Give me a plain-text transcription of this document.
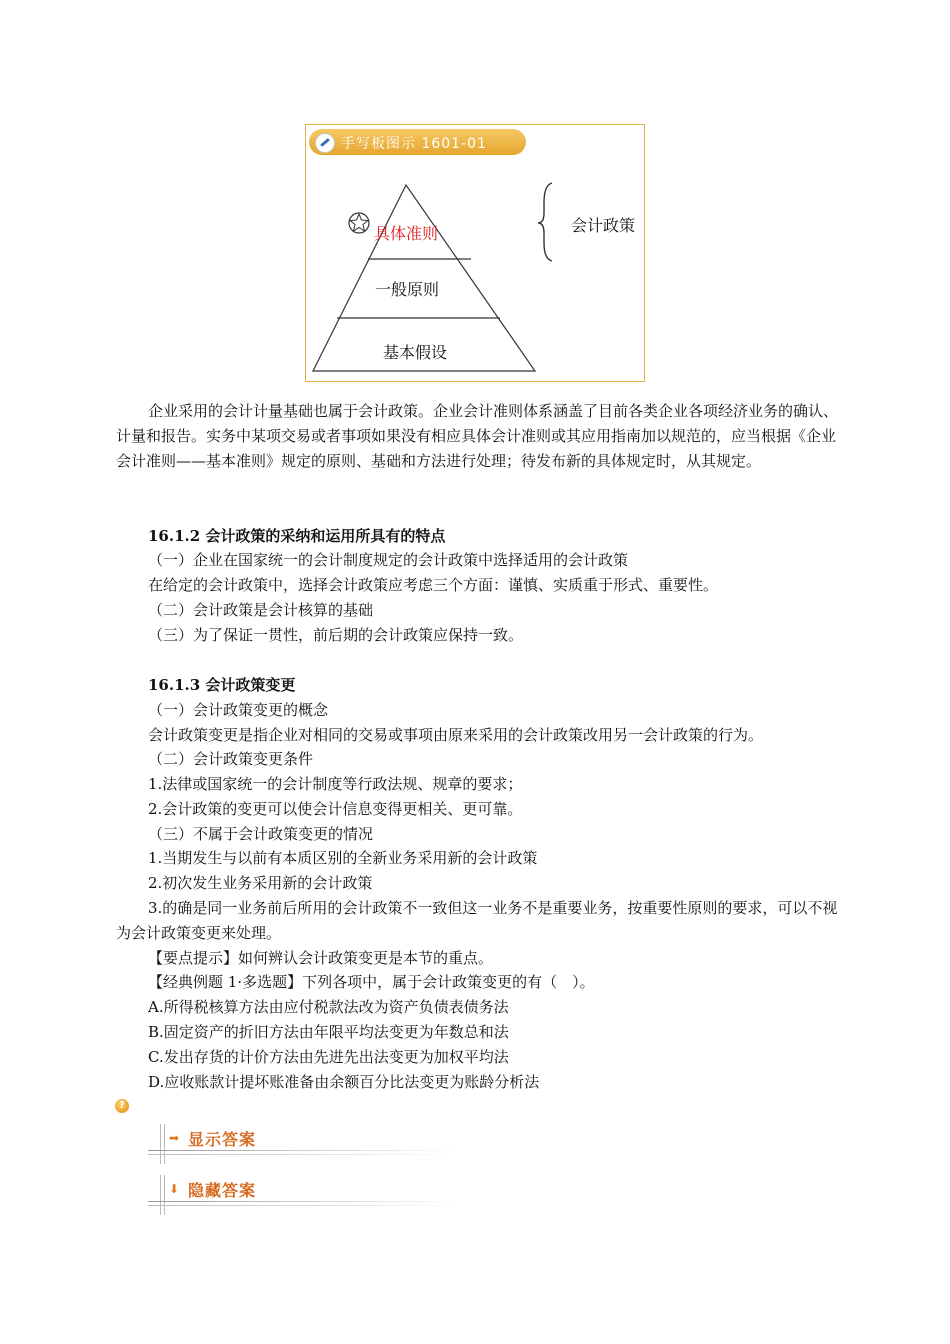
手写板图示 1601-01
具体准则
一般原则
基本假设
会计政策
企业采用的会计计量基础也属于会计政策。企业会计准则体系涵盖了目前各类企业各项经济业务的确认、计量和报告。实务中某项交易或者事项如果没有相应具体会计准则或其应用指南加以规范的，应当根据《企业会计准则——基本准则》规定的原则、基础和方法进行处理；待发布新的具体规定时，从其规定。
16.1.2 会计政策的采纳和运用所具有的特点
（一）企业在国家统一的会计制度规定的会计政策中选择适用的会计政策
在给定的会计政策中，选择会计政策应考虑三个方面：谨慎、实质重于形式、重要性。
（二）会计政策是会计核算的基础
（三）为了保证一贯性，前后期的会计政策应保持一致。
16.1.3 会计政策变更
（一）会计政策变更的概念
会计政策变更是指企业对相同的交易或事项由原来采用的会计政策改用另一会计政策的行为。
（二）会计政策变更条件
1.法律或国家统一的会计制度等行政法规、规章的要求；
2.会计政策的变更可以使会计信息变得更相关、更可靠。
（三）不属于会计政策变更的情况
1.当期发生与以前有本质区别的全新业务采用新的会计政策
2.初次发生业务采用新的会计政策
3.的确是同一业务前后所用的会计政策不一致但这一业务不是重要业务，按重要性原则的要求，可以不视为会计政策变更来处理。
【要点提示】如何辨认会计政策变更是本节的重点。
【经典例题 1·多选题】下列各项中，属于会计政策变更的有（　）。
A.所得税核算方法由应付税款法改为资产负债表债务法
B.固定资产的折旧方法由年限平均法变更为年数总和法
C.发出存货的计价方法由先进先出法变更为加权平均法
D.应收账款计提坏账准备由余额百分比法变更为账龄分析法
?
➡ 显示答案
⬇ 隐藏答案
